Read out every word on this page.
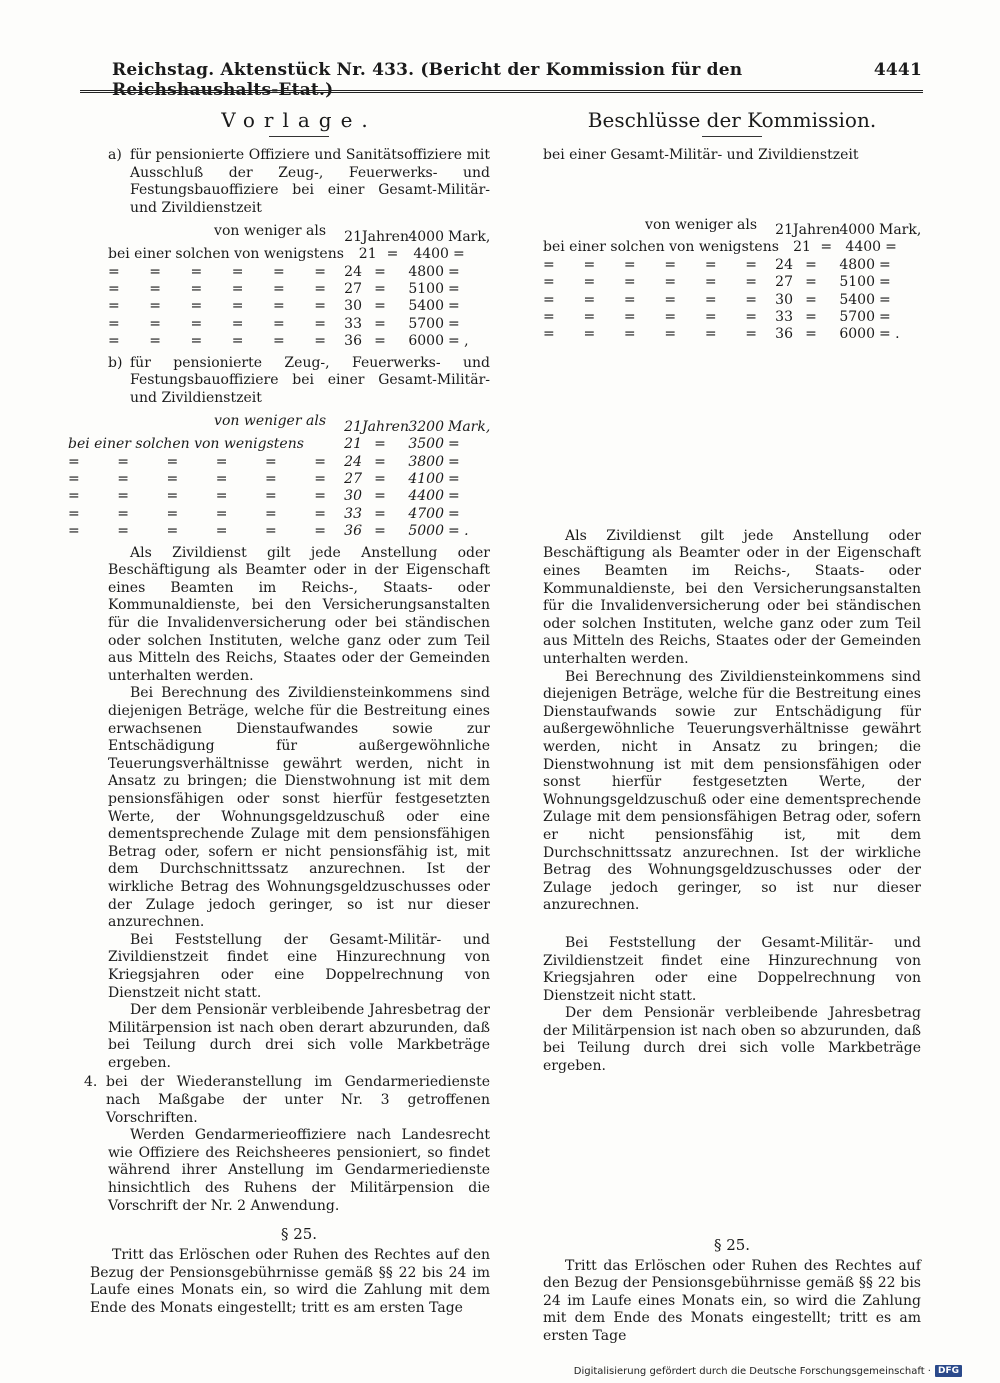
Reichstag. Aktenstück Nr. 433. (Bericht der Kommission für den Reichshaushalts-Etat.)
4441
Vorlage.
a) für pensionierte Offiziere und Sanitätsoffiziere mit Ausschluß der Zeug-, Feuerwerks- und Festungsbauoffiziere bei einer Gesamt-Militär- und Zivildienstzeit
von weniger als	21 Jahren 4000 Mark,
bei einer solchen von wenigstens	21 =	4400 =
= = = = = =	24 =	4800 =
= = = = = =	27 =	5100 =
= = = = = =	30 =	5400 =
= = = = = =	33 =	5700 =
= = = = = =	36 =	6000 = ,
b) für pensionierte Zeug-, Feuerwerks- und Festungsbauoffiziere bei einer Gesamt-Militär- und Zivildienstzeit
von weniger als	21 Jahren 3200 Mark,
bei einer solchen von wenigstens	21 =	3500 =
=	=	=	=	=	=	24 =	3800 =
=	=	=	=	=	=	27 =	4100 =
=	=	=	=	=	=	30 =	4400 =
=	=	=	=	=	=	33 =	4700 =
=	=	=	=	=	=	36 =	5000 = .

Als Zivildienst gilt jede Anstellung oder Beschäftigung als Beamter oder in der Eigenschaft eines Beamten im Reichs-, Staats- oder Kommunaldienste, bei den Versicherungsanstalten für die Invalidenversicherung oder bei ständischen oder solchen Instituten, welche ganz oder zum Teil aus Mitteln des Reichs, Staates oder der Gemeinden unterhalten werden.

Bei Berechnung des Zivildiensteinkommens sind diejenigen Beträge, welche für die Bestreitung eines erwachsenen Dienstaufwandes sowie zur Entschädigung für außergewöhnliche Teuerungsverhältnisse gewährt werden, nicht in Ansatz zu bringen; die Dienstwohnung ist mit dem pensionsfähigen oder sonst hierfür festgesetzten Werte, der Wohnungsgeldzuschuß oder eine dementsprechende Zulage mit dem pensionsfähigen Betrag oder, sofern er nicht pensionsfähig ist, mit dem Durchschnittssatz anzurechnen. Ist der wirkliche Betrag des Wohnungsgeldzuschusses oder der Zulage jedoch geringer, so ist nur dieser anzurechnen.

Bei Feststellung der Gesamt-Militär- und Zivildienstzeit findet eine Hinzurechnung von Kriegsjahren oder eine Doppelrechnung von Dienstzeit nicht statt.

Der dem Pensionär verbleibende Jahresbetrag der Militärpension ist nach oben derart abzurunden, daß bei Teilung durch drei sich volle Markbeträge ergeben.

4. bei der Wiederanstellung im Gendarmeriedienste nach Maßgabe der unter Nr. 3 getroffenen Vorschriften.

Werden Gendarmerieoffiziere nach Landesrecht wie Offiziere des Reichsheeres pensioniert, so findet während ihrer Anstellung im Gendarmeriedienste hinsichtlich des Ruhens der Militärpension die Vorschrift der Nr. 2 Anwendung.

§ 25.

Tritt das Erlöschen oder Ruhen des Rechtes auf den Bezug der Pensionsgebührnisse gemäß §§ 22 bis 24 im Laufe eines Monats ein, so wird die Zahlung mit dem Ende des Monats eingestellt; tritt es am ersten Tage

Beschlüsse der Kommission.

bei einer Gesamt-Militär- und Zivildienstzeit

von weniger als	21 Jahren 4000 Mark,
bei einer solchen von wenigstens	21 = 4400 =
= = = = = =	24 =	4800 =
= = = = = =	27 =	5100 =
= = = = = =	30 =	5400 =
= = = = = =	33 =	5700 =
= = = = = =	36 =	6000 = .

Als Zivildienst gilt jede Anstellung oder Beschäftigung als Beamter oder in der Eigenschaft eines Beamten im Reichs-, Staats- oder Kommunaldienste, bei den Versicherungsanstalten für die Invalidenversicherung oder bei ständischen oder solchen Instituten, welche ganz oder zum Teil aus Mitteln des Reichs, Staates oder der Gemeinden unterhalten werden.

Bei Berechnung des Zivildiensteinkommens sind diejenigen Beträge, welche für die Bestreitung eines Dienstaufwands sowie zur Entschädigung für außergewöhnliche Teuerungsverhältnisse gewährt werden, nicht in Ansatz zu bringen; die Dienstwohnung ist mit dem pensionsfähigen oder sonst hierfür festgesetzten Werte, der Wohnungsgeldzuschuß oder eine dementsprechende Zulage mit dem pensionsfähigen Betrag oder, sofern er nicht pensionsfähig ist, mit dem Durchschnittssatz anzurechnen. Ist der wirkliche Betrag des Wohnungsgeldzuschusses oder der Zulage jedoch geringer, so ist nur dieser anzurechnen.

Bei Feststellung der Gesamt-Militär- und Zivildienstzeit findet eine Hinzurechnung von Kriegsjahren oder eine Doppelrechnung von Dienstzeit nicht statt.

Der dem Pensionär verbleibende Jahresbetrag der Militärpension ist nach oben so abzurunden, daß bei Teilung durch drei sich volle Markbeträge ergeben.

§ 25.

Tritt das Erlöschen oder Ruhen des Rechtes auf den Bezug der Pensionsgebührnisse gemäß §§ 22 bis 24 im Laufe eines Monats ein, so wird die Zahlung mit dem Ende des Monats eingestellt; tritt es am ersten Tage

Digitalisierung gefördert durch die Deutsche Forschungsgemeinschaft · DFG
